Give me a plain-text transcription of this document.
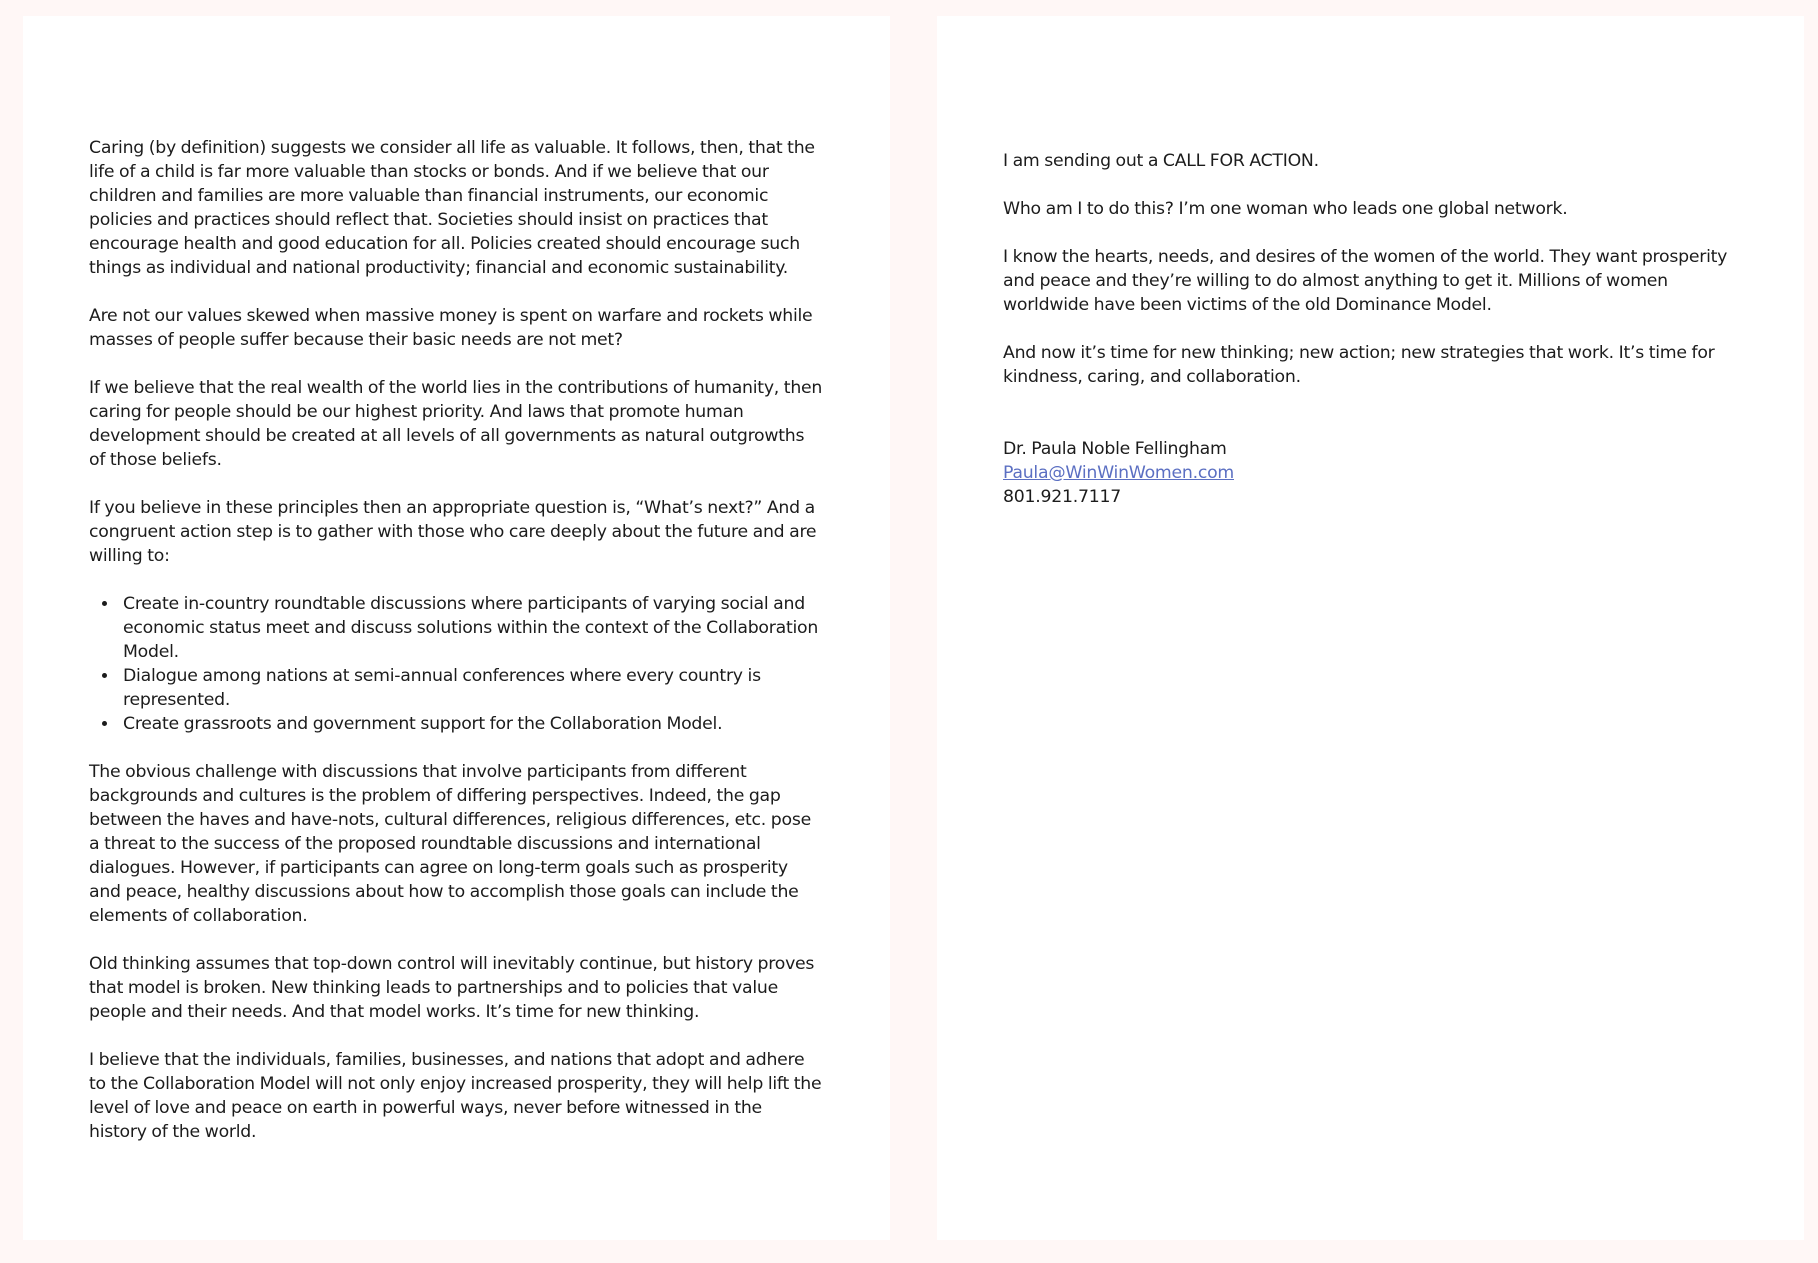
Caring (by definition) suggests we consider all life as valuable. It follows, then, that the life of a child is far more valuable than stocks or bonds. And if we believe that our children and families are more valuable than financial instruments, our economic policies and practices should reflect that. Societies should insist on practices that encourage health and good education for all. Policies created should encourage such things as individual and national productivity; financial and economic sustainability.

Are not our values skewed when massive money is spent on warfare and rockets while masses of people suffer because their basic needs are not met?

If we believe that the real wealth of the world lies in the contributions of humanity, then caring for people should be our highest priority. And laws that promote human development should be created at all levels of all governments as natural outgrowths of those beliefs.

If you believe in these principles then an appropriate question is, “What’s next?” And a congruent action step is to gather with those who care deeply about the future and are willing to:

• Create in-country roundtable discussions where participants of varying social and economic status meet and discuss solutions within the context of the Collaboration Model.
• Dialogue among nations at semi-annual conferences where every country is represented.
• Create grassroots and government support for the Collaboration Model.

The obvious challenge with discussions that involve participants from different backgrounds and cultures is the problem of differing perspectives. Indeed, the gap between the haves and have-nots, cultural differences, religious differences, etc. pose a threat to the success of the proposed roundtable discussions and international dialogues. However, if participants can agree on long-term goals such as prosperity and peace, healthy discussions about how to accomplish those goals can include the elements of collaboration.

Old thinking assumes that top-down control will inevitably continue, but history proves that model is broken. New thinking leads to partnerships and to policies that value people and their needs. And that model works. It’s time for new thinking.

I believe that the individuals, families, businesses, and nations that adopt and adhere to the Collaboration Model will not only enjoy increased prosperity, they will help lift the level of love and peace on earth in powerful ways, never before witnessed in the history of the world.

I am sending out a CALL FOR ACTION.

Who am I to do this? I’m one woman who leads one global network.

I know the hearts, needs, and desires of the women of the world. They want prosperity and peace and they’re willing to do almost anything to get it. Millions of women worldwide have been victims of the old Dominance Model.

And now it’s time for new thinking; new action; new strategies that work. It’s time for kindness, caring, and collaboration.

Dr. Paula Noble Fellingham

Paula@WinWinWomen.com

801.921.7117
